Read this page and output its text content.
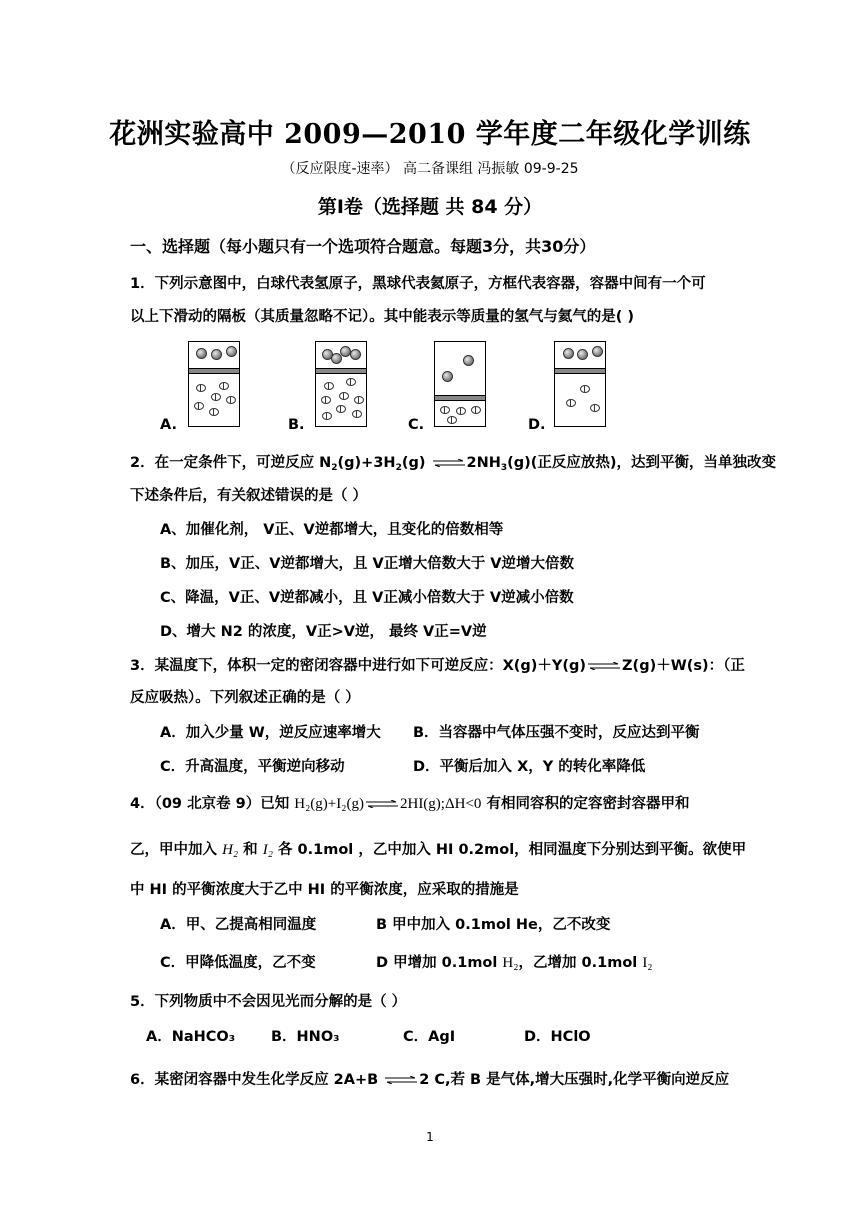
花洲实验高中 2009—2010 学年度二年级化学训练
（反应限度-速率） 高二备课组 冯振敏 09-9-25
第Ⅰ卷（选择题 共 84 分）
一、选择题（每小题只有一个选项符合题意。每题3分，共30分）
1．下列示意图中，白球代表氢原子，黑球代表氦原子，方框代表容器，容器中间有一个可
以上下滑动的隔板（其质量忽略不记）。其中能表示等质量的氢气与氦气的是( )
A.	B.	C.	D.
2．在一定条件下，可逆反应 $N_2(g)+3H_2(g)$ ⇌ $2NH_3(g)$(正反应放热)，达到平衡，当单独改变
下述条件后，有关叙述错误的是（ ）
A、加催化剂， V正、V逆都增大，且变化的倍数相等
B、加压，V正、V逆都增大，且 V正增大倍数大于 V逆增大倍数
C、降温，V正、V逆都减小，且 V正减小倍数大于 V逆减小倍数
D、增大 N2 的浓度，V正>V逆， 最终 V正=V逆
3．某温度下，体积一定的密闭容器中进行如下可逆反应：X(g)＋Y(g) ⇌ Z(g)＋W(s)：（正
反应吸热）。下列叙述正确的是（ ）
A．加入少量 W，逆反应速率增大 B．当容器中气体压强不变时，反应达到平衡
C．升高温度，平衡逆向移动	D．平衡后加入 X，Y 的转化率降低
4．（09 北京卷 9）已知 H₂(g)+I₂(g) ⇌ 2HI(g);ΔH<0 有相同容积的定容密封容器甲和
乙，甲中加入 H₂ 和 I₂ 各 0.1mol ，乙中加入 HI 0.2mol，相同温度下分别达到平衡。欲使甲
中 HI 的平衡浓度大于乙中 HI 的平衡浓度，应采取的措施是
A．甲、乙提高相同温度	B 甲中加入 0.1mol He，乙不改变
C．甲降低温度，乙不变	D 甲增加 0.1mol H₂，乙增加 0.1mol I₂
5．下列物质中不会因见光而分解的是（ ）
A．NaHCO₃ B．HNO₃	C．AgI	D．HClO
6．某密闭容器中发生化学反应 2A+B ⇌ 2 C,若 B 是气体,增大压强时,化学平衡向逆反应
1
